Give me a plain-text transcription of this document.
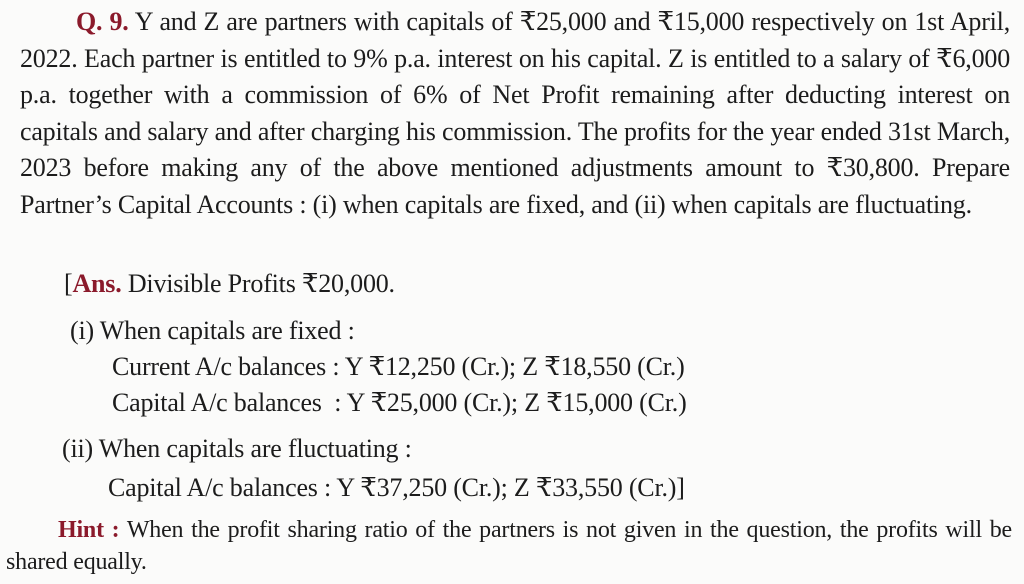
Q. 9. Y and Z are partners with capitals of ₹25,000 and ₹15,000 respectively on 1st April, 2022. Each partner is entitled to 9% p.a. interest on his capital. Z is entitled to a salary of ₹6,000 p.a. together with a commission of 6% of Net Profit remaining after deducting interest on capitals and salary and after charging his commission. The profits for the year ended 31st March, 2023 before making any of the above mentioned adjustments amount to ₹30,800. Prepare Partner’s Capital Accounts : (i) when capitals are fixed, and (ii) when capitals are fluctuating.
[Ans. Divisible Profits ₹20,000.
(i) When capitals are fixed :
Current A/c balances : Y ₹12,250 (Cr.); Z ₹18,550 (Cr.)
Capital A/c balances  : Y ₹25,000 (Cr.); Z ₹15,000 (Cr.)
(ii) When capitals are fluctuating :
Capital A/c balances : Y ₹37,250 (Cr.); Z ₹33,550 (Cr.)]
Hint : When the profit sharing ratio of the partners is not given in the question, the profits will be shared equally.
